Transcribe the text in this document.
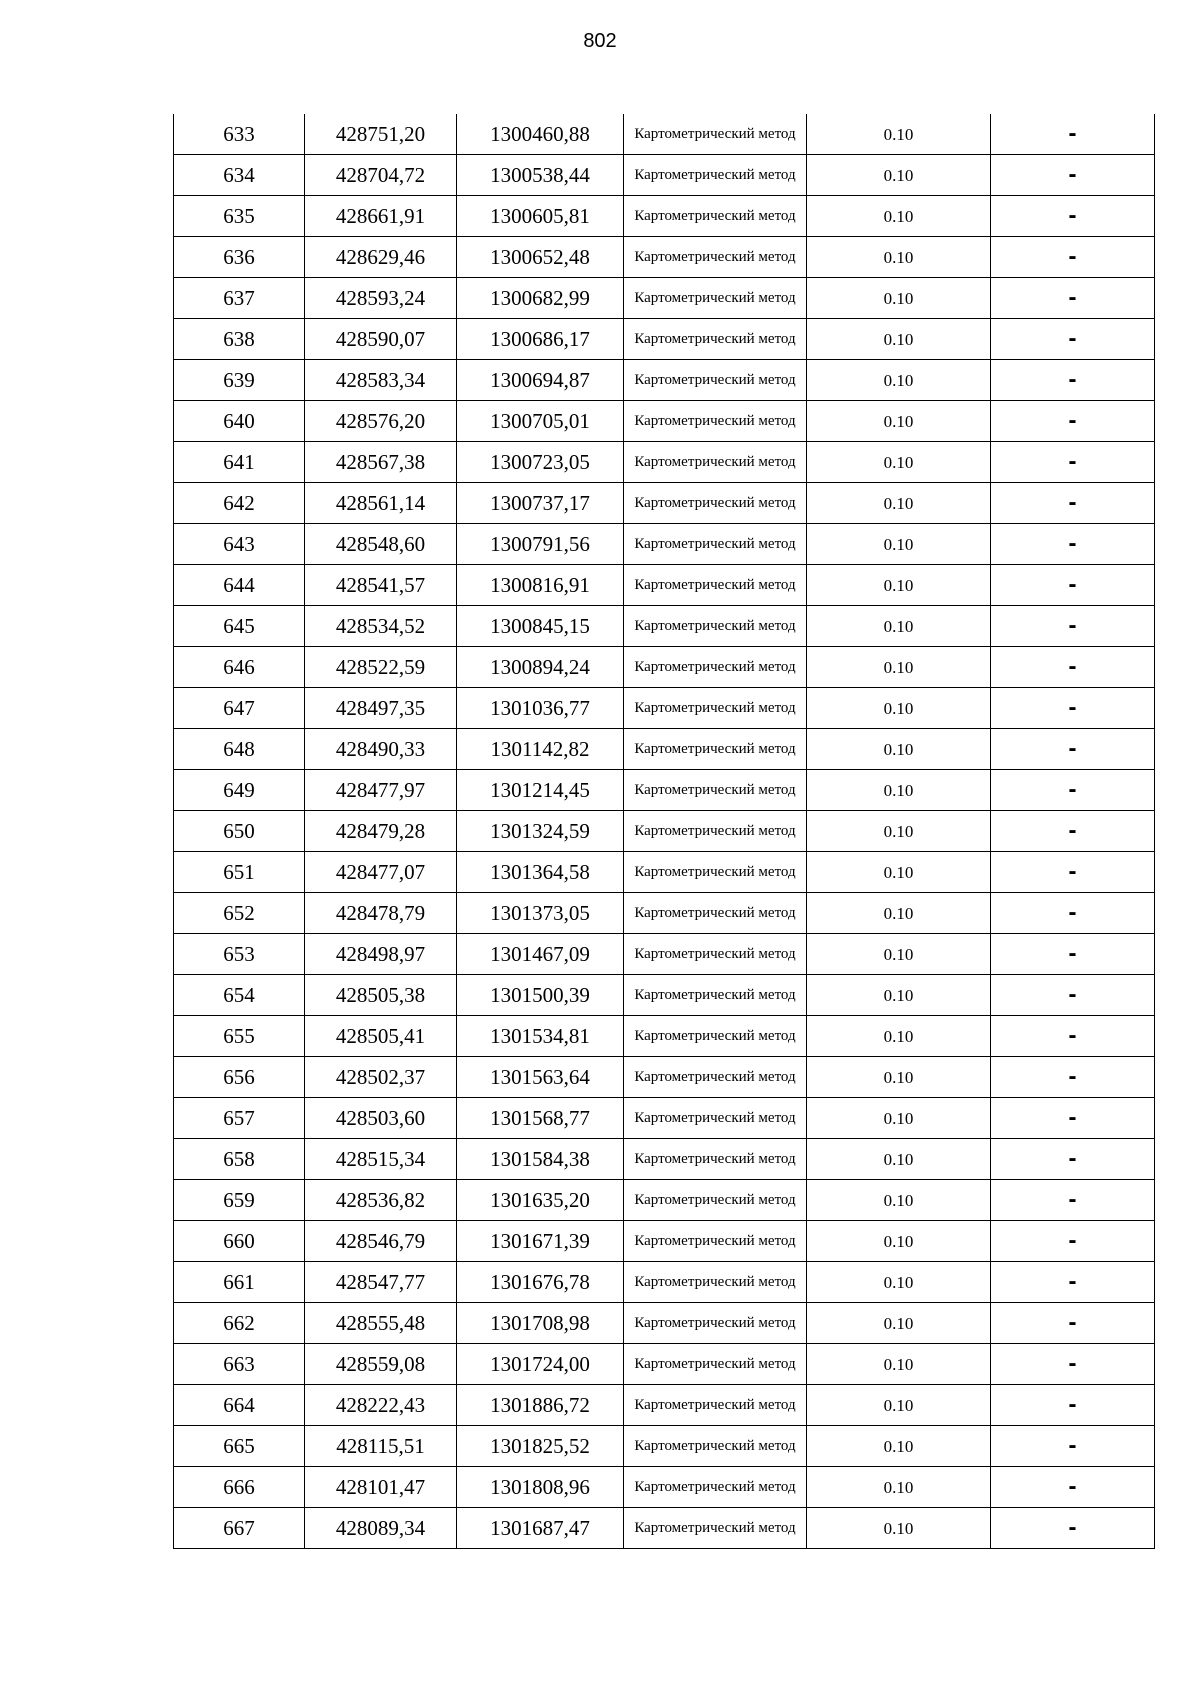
802
633	428751,20	1300460,88	Картометрический метод	0.10	-
634	428704,72	1300538,44	Картометрический метод	0.10	-
635	428661,91	1300605,81	Картометрический метод	0.10	-
636	428629,46	1300652,48	Картометрический метод	0.10	-
637	428593,24	1300682,99	Картометрический метод	0.10	-
638	428590,07	1300686,17	Картометрический метод	0.10	-
639	428583,34	1300694,87	Картометрический метод	0.10	-
640	428576,20	1300705,01	Картометрический метод	0.10	-
641	428567,38	1300723,05	Картометрический метод	0.10	-
642	428561,14	1300737,17	Картометрический метод	0.10	-
643	428548,60	1300791,56	Картометрический метод	0.10	-
644	428541,57	1300816,91	Картометрический метод	0.10	-
645	428534,52	1300845,15	Картометрический метод	0.10	-
646	428522,59	1300894,24	Картометрический метод	0.10	-
647	428497,35	1301036,77	Картометрический метод	0.10	-
648	428490,33	1301142,82	Картометрический метод	0.10	-
649	428477,97	1301214,45	Картометрический метод	0.10	-
650	428479,28	1301324,59	Картометрический метод	0.10	-
651	428477,07	1301364,58	Картометрический метод	0.10	-
652	428478,79	1301373,05	Картометрический метод	0.10	-
653	428498,97	1301467,09	Картометрический метод	0.10	-
654	428505,38	1301500,39	Картометрический метод	0.10	-
655	428505,41	1301534,81	Картометрический метод	0.10	-
656	428502,37	1301563,64	Картометрический метод	0.10	-
657	428503,60	1301568,77	Картометрический метод	0.10	-
658	428515,34	1301584,38	Картометрический метод	0.10	-
659	428536,82	1301635,20	Картометрический метод	0.10	-
660	428546,79	1301671,39	Картометрический метод	0.10	-
661	428547,77	1301676,78	Картометрический метод	0.10	-
662	428555,48	1301708,98	Картометрический метод	0.10	-
663	428559,08	1301724,00	Картометрический метод	0.10	-
664	428222,43	1301886,72	Картометрический метод	0.10	-
665	428115,51	1301825,52	Картометрический метод	0.10	-
666	428101,47	1301808,96	Картометрический метод	0.10	-
667	428089,34	1301687,47	Картометрический метод	0.10	-
